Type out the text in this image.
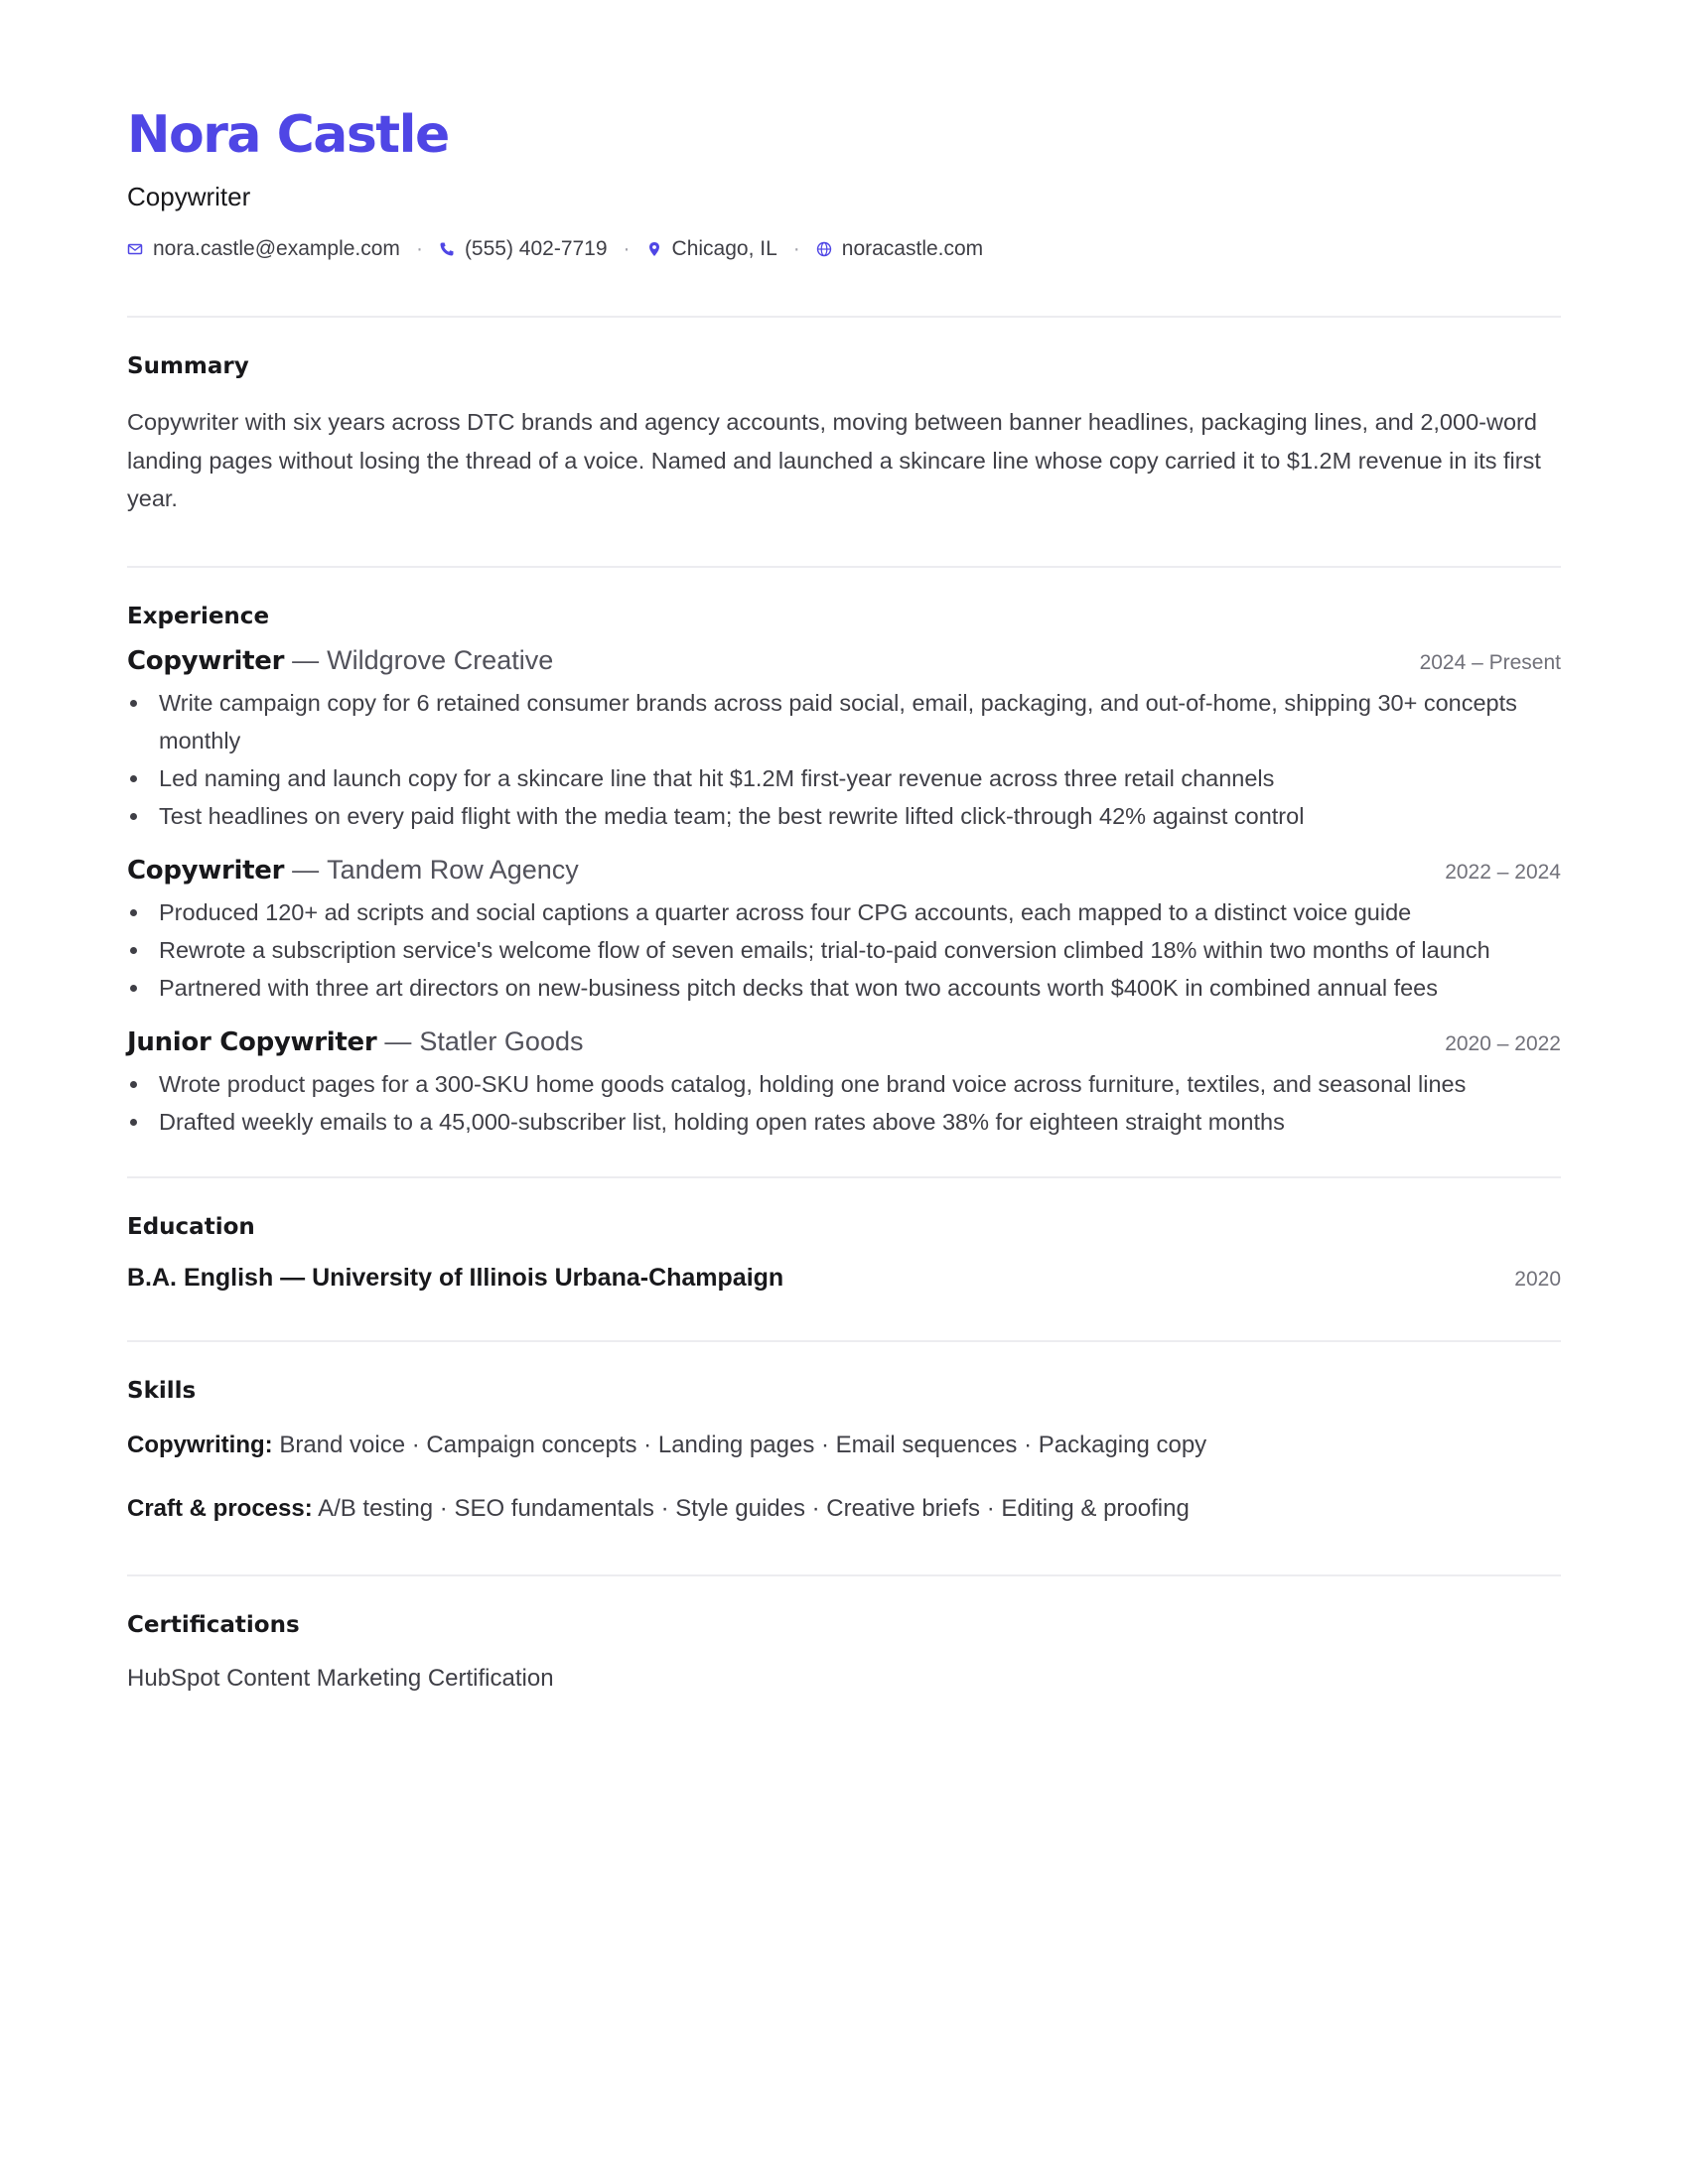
Nora Castle
Copywriter
nora.castle@example.com · (555) 402-7719 · Chicago, IL · noracastle.com
Summary

Copywriter with six years across DTC brands and agency accounts, moving between banner headlines, packaging lines, and 2,000-word landing pages without losing the thread of a voice. Named and launched a skincare line whose copy carried it to $1.2M revenue in its first year.

Experience
Copywriter — Wildgrove Creative	2024 – Present
Write campaign copy for 6 retained consumer brands across paid social, email, packaging, and out-of-home, shipping 30+ concepts monthly
Led naming and launch copy for a skincare line that hit $1.2M first-year revenue across three retail channels
Test headlines on every paid flight with the media team; the best rewrite lifted click-through 42% against control
Copywriter — Tandem Row Agency	2022 – 2024
Produced 120+ ad scripts and social captions a quarter across four CPG accounts, each mapped to a distinct voice guide
Rewrote a subscription service's welcome flow of seven emails; trial-to-paid conversion climbed 18% within two months of launch
Partnered with three art directors on new-business pitch decks that won two accounts worth $400K in combined annual fees
Junior Copywriter — Statler Goods	2020 – 2022
Wrote product pages for a 300-SKU home goods catalog, holding one brand voice across furniture, textiles, and seasonal lines
Drafted weekly emails to a 45,000-subscriber list, holding open rates above 38% for eighteen straight months
Education
B.A. English — University of Illinois Urbana-Champaign	2020
Skills

Copywriting: Brand voice · Campaign concepts · Landing pages · Email sequences · Packaging copy

Craft & process: A/B testing · SEO fundamentals · Style guides · Creative briefs · Editing & proofing

Certifications
HubSpot Content Marketing Certification
